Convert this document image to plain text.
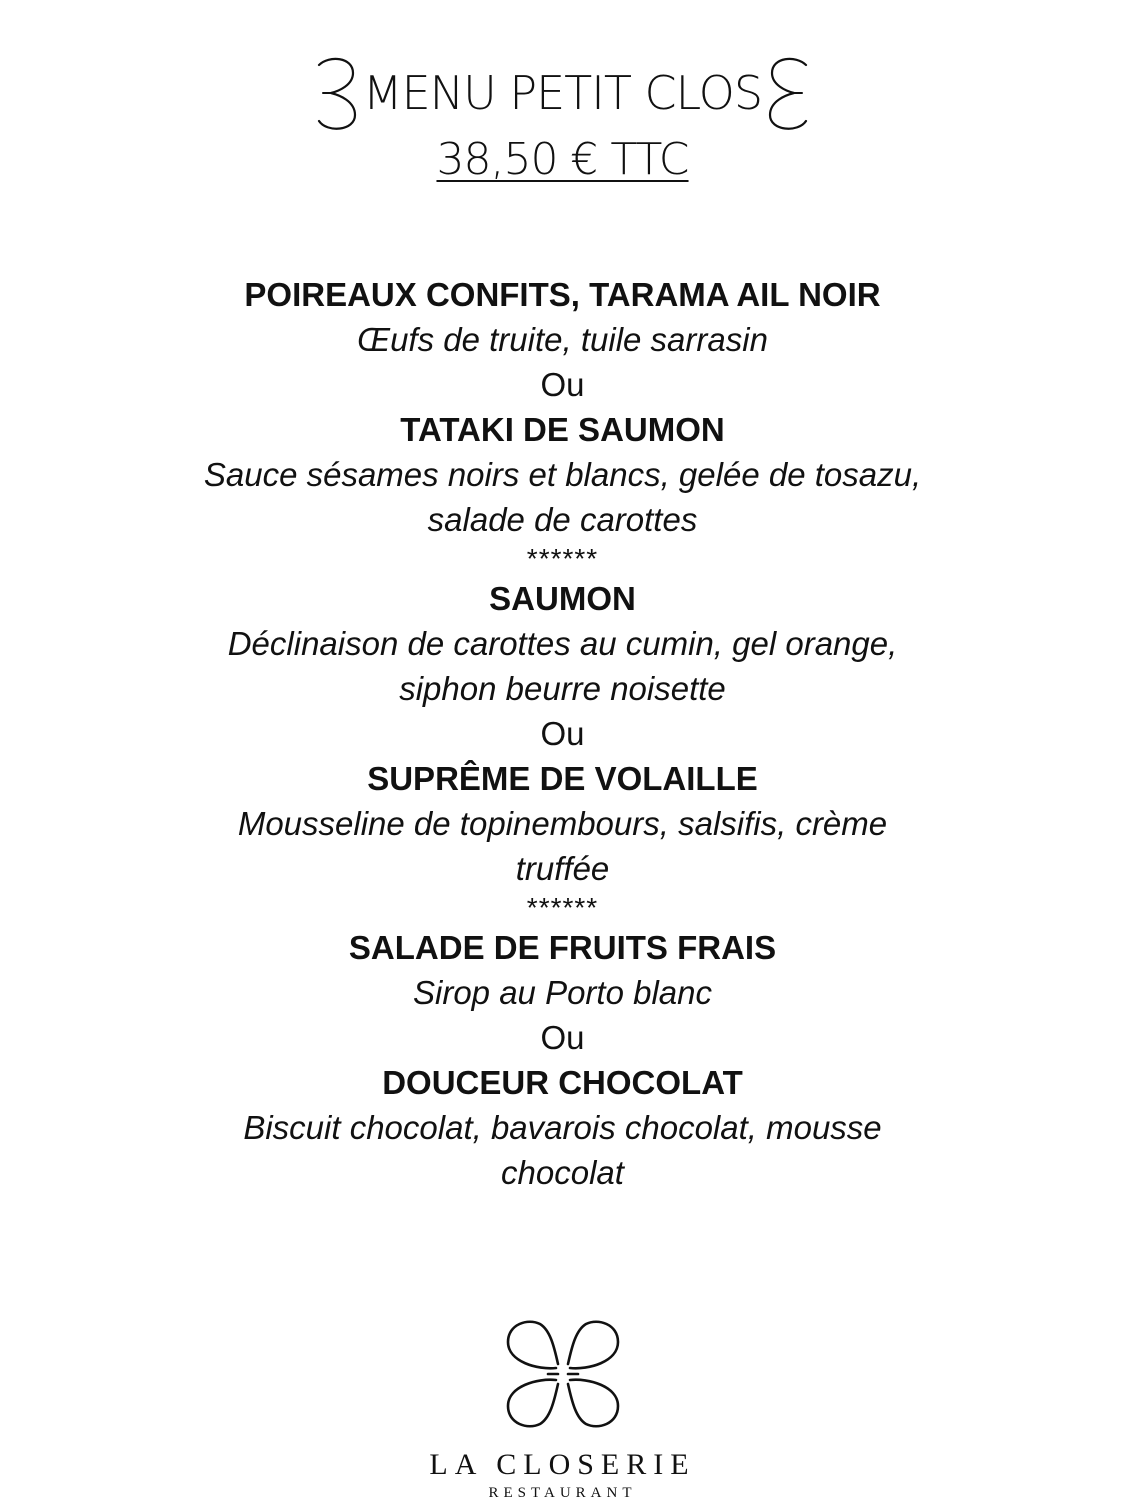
MENU PETIT CLOS
38,50 € TTC
POIREAUX CONFITS, TARAMA AIL NOIR
Œufs de truite, tuile sarrasin
Ou
TATAKI DE SAUMON
Sauce sésames noirs et blancs, gelée de tosazu,
salade de carottes
******
SAUMON
Déclinaison de carottes au cumin, gel orange,
siphon beurre noisette
Ou
SUPRÊME DE VOLAILLE
Mousseline de topinembours, salsifis, crème
truffée
******
SALADE DE FRUITS FRAIS
Sirop au Porto blanc
Ou
DOUCEUR CHOCOLAT
Biscuit chocolat, bavarois chocolat, mousse
chocolat
LA CLOSERIE
RESTAURANT
